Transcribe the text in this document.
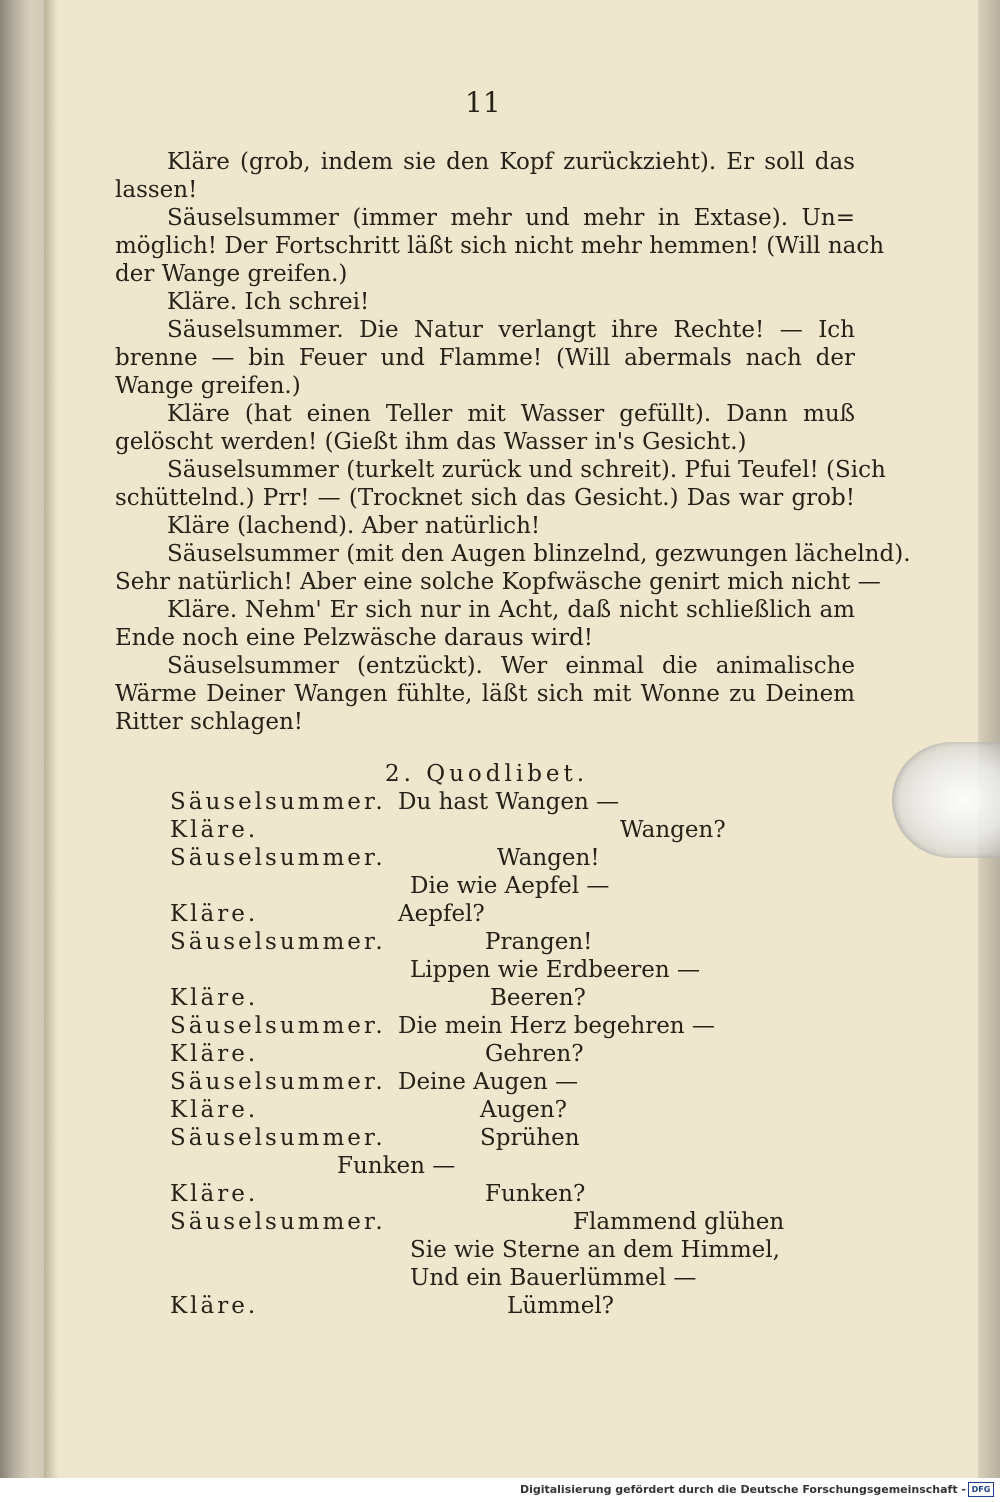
11
Kläre (grob, indem sie den Kopf zurückzieht). Er soll das
lassen!
Säuselsummer (immer mehr und mehr in Extase). Un=
möglich! Der Fortschritt läßt sich nicht mehr hemmen! (Will nach
der Wange greifen.)
Kläre. Ich schrei!
Säuselsummer. Die Natur verlangt ihre Rechte! — Ich
brenne — bin Feuer und Flamme! (Will abermals nach der
Wange greifen.)
Kläre (hat einen Teller mit Wasser gefüllt). Dann muß
gelöscht werden! (Gießt ihm das Wasser in's Gesicht.)
Säuselsummer (turkelt zurück und schreit). Pfui Teufel! (Sich
schüttelnd.) Prr! — (Trocknet sich das Gesicht.) Das war grob!
Kläre (lachend). Aber natürlich!
Säuselsummer (mit den Augen blinzelnd, gezwungen lächelnd).
Sehr natürlich! Aber eine solche Kopfwäsche genirt mich nicht —
Kläre. Nehm' Er sich nur in Acht, daß nicht schließlich am
Ende noch eine Pelzwäsche daraus wird!
Säuselsummer (entzückt). Wer einmal die animalische
Wärme Deiner Wangen fühlte, läßt sich mit Wonne zu Deinem
Ritter schlagen!
2. Quodlibet.
Säuselsummer. Du hast Wangen —
Kläre.	Wangen?
Säuselsummer.	Wangen!
Die wie Aepfel —
Kläre.	Aepfel?
Säuselsummer.	Prangen!
Lippen wie Erdbeeren —
Kläre.	Beeren?
Säuselsummer. Die mein Herz begehren —
Kläre.	Gehren?
Säuselsummer. Deine Augen —
Kläre.	Augen?
Säuselsummer.	Sprühen
Funken —
Kläre.	Funken?
Säuselsummer.	Flammend glühen
Sie wie Sterne an dem Himmel,
Und ein Bauerlümmel —
Kläre.	Lümmel?
Digitalisierung gefördert durch die Deutsche Forschungsgemeinschaft - DFG
